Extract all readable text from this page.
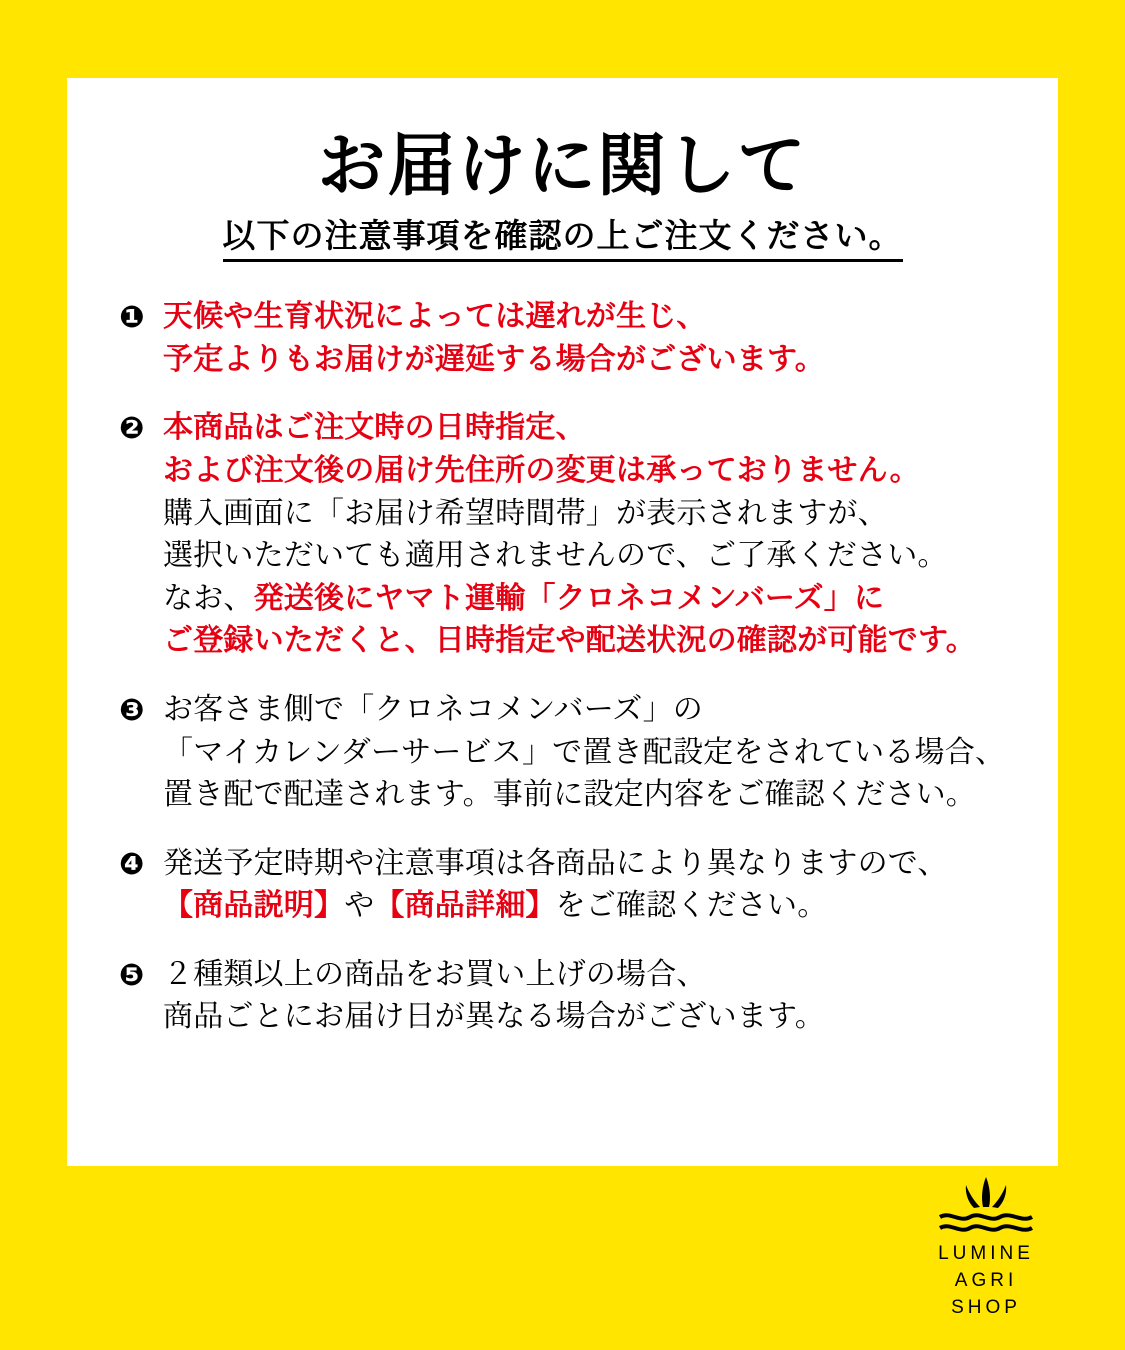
お届けに関して
以下の注意事項を確認の上ご注文ください。
❶ 天候や生育状況によっては遅れが生じ、
予定よりもお届けが遅延する場合がございます。
❷ 本商品はご注文時の日時指定、
および注文後の届け先住所の変更は承っておりません。
購入画面に「お届け希望時間帯」が表示されますが、
選択いただいても適用されませんので、ご了承ください。
なお、発送後にヤマト運輸「クロネコメンバーズ」に
ご登録いただくと、日時指定や配送状況の確認が可能です。
❸ お客さま側で「クロネコメンバーズ」の
「マイカレンダーサービス」で置き配設定をされている場合、
置き配で配達されます。事前に設定内容をご確認ください。
❹ 発送予定時期や注意事項は各商品により異なりますので、
【商品説明】や【商品詳細】をご確認ください。
❺ ２種類以上の商品をお買い上げの場合、
商品ごとにお届け日が異なる場合がございます。
LUMINE
AGRI
SHOP
